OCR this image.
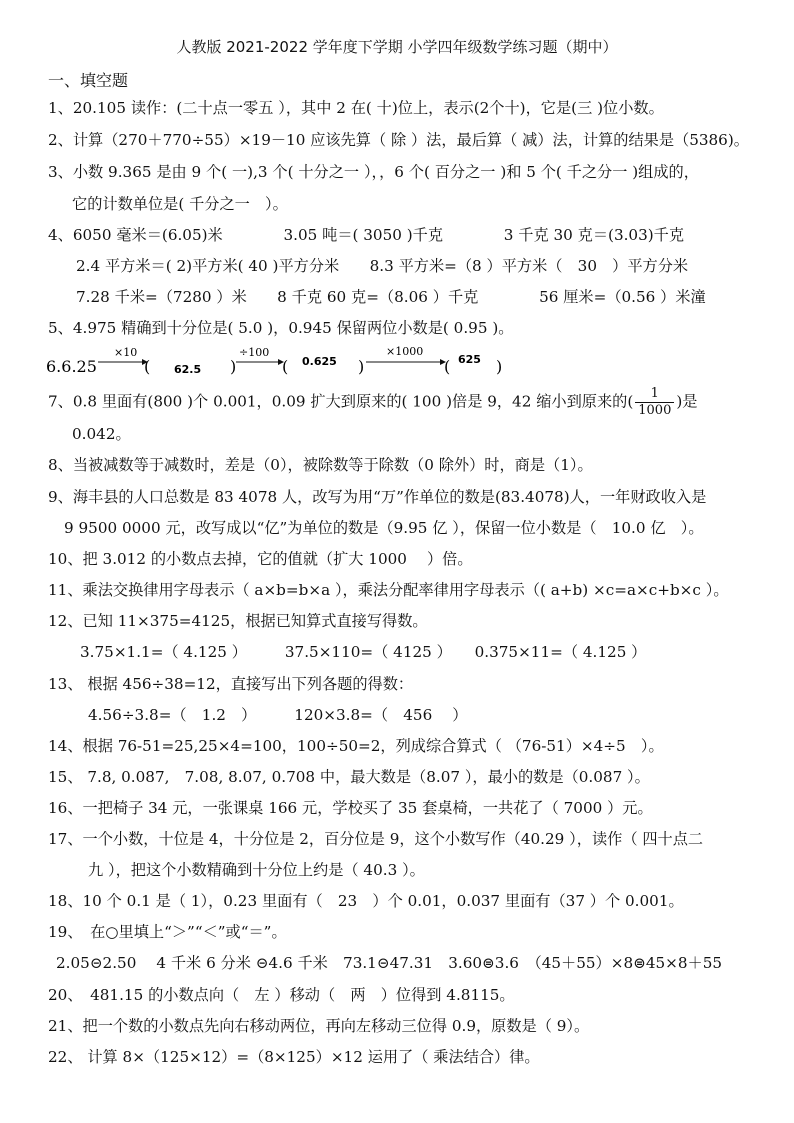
人教版 2021-2022 学年度下学期 小学四年级数学练习题（期中）
一、填空题
1、20.105 读作：(二十点一零五 ），其中 2 在( 十)位上，表示(2个十)，它是(三 )位小数。
2、计算（270＋770÷55）×19－10 应该先算（ 除 ）法，最后算（ 减）法，计算的结果是（5386)。
3、小数 9.365 是由 9 个( 一),3 个( 十分之一 ），，6 个( 百分之一 )和 5 个( 千之分一 )组成的，
它的计数单位是( 千分之一　）。
4、6050 毫米＝(6.05)米　　　　3.05 吨＝( 3050 )千克　　　　3 千克 30 克＝(3.03)千克
2.4 平方米＝( 2)平方米( 40 )平方分米　　8.3 平方米=（8 ）平方米（　30　）平方分米
7.28 千米=（7280 ）米　　8 千克 60 克=（8.06 ）千克　　　　56 厘米=（0.56 ）米潼
5、4.975 精确到十分位是( 5.0 )，0.945 保留两位小数是( 0.95 )。
6.6.25
×10
( 62.5 )
÷100
( 0.625 )
×1000
( 625 )
7、0.8 里面有(800 )个 0.001，0.09 扩大到原来的( 100 )倍是 9，42 缩小到原来的( $\frac{1}{1000}$ )是
0.042。
8、当被减数等于减数时，差是（0），被除数等于除数（0 除外）时，商是（1）。
9、海丰县的人口总数是 83 4078 人，改写为用“万”作单位的数是(83.4078)人，一年财政收入是
9 9500 0000 元，改写成以“亿”为单位的数是（9.95 亿 ），保留一位小数是（　10.0 亿　）。
10、把 3.012 的小数点去掉，它的值就（扩大 1000　 ）倍。
11、乘法交换律用字母表示（ a×b=b×a ），乘法分配率律用字母表示（( a+b) ×c=a×c+b×c ）。
12、已知 11×375=4125，根据已知算式直接写得数。
3.75×1.1=（ 4.125 ）　　　37.5×110=（ 4125 ）　　0.375×11=（ 4.125 ）
13、 根据 456÷38=12，直接写出下列各题的得数：
4.56÷3.8=（　1.2　）　　　120×3.8=（　456　 ）
14、根据 76-51=25,25×4=100，100÷50=2，列成综合算式（ （76-51）×4÷5　）。
15、 7.8, 0.087,　7.08, 8.07, 0.708 中，最大数是（8.07 ），最小的数是（0.087 ）。
16、一把椅子 34 元，一张课桌 166 元，学校买了 35 套桌椅，一共花了（ 7000 ）元。
17、一个小数，十位是 4，十分位是 2，百分位是 9，这个小数写作（40.29 ），读作（ 四十点二
九 ），把这个小数精确到十分位上约是（ 40.3 ）。
18、10 个 0.1 是（ 1），0.23 里面有（　23　）个 0.01，0.037 里面有（37 ）个 0.001。
19、　在○里填上“＞”“＜”或“＝”。
2.05⊝2.50　 4 千米 6 分米 ⊝4.6 千米　73.1⊝47.31　3.60⊜3.6　（45＋55）×8⊜45×8＋55
20、　481.15 的小数点向（　左 ）移动（　两　）位得到 4.8115。
21、把一个数的小数点先向右移动两位，再向左移动三位得 0.9，原数是（ 9）。
22、 计算 8×（125×12）=（8×125）×12 运用了（ 乘法结合）律。
